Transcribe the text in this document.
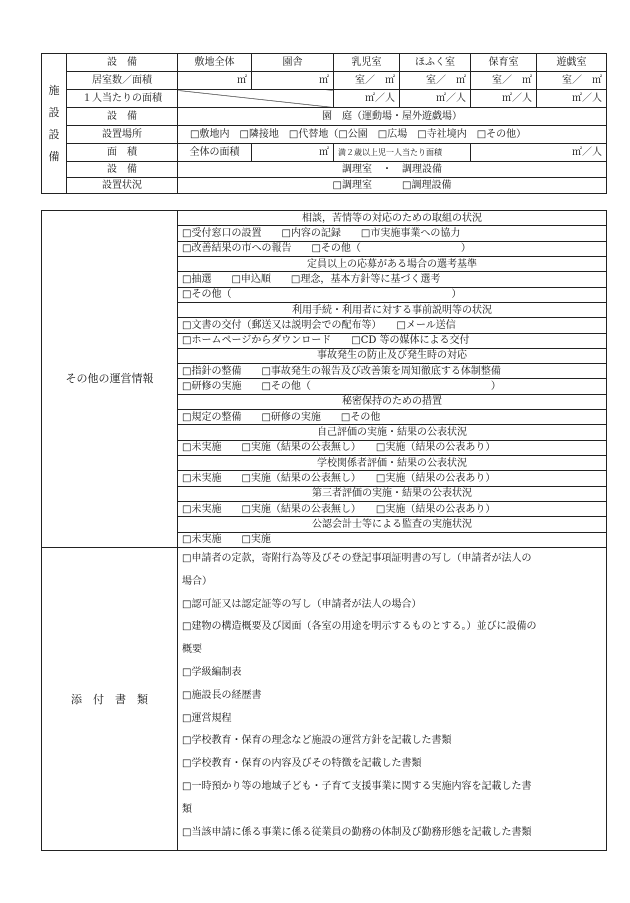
施
設
設
備	設　備	敷地全体	園舎	乳児室	ほふく室	保育室	遊戯室
	居室数／面積	㎡	㎡	室／　㎡	室／　㎡	室／　㎡	室／　㎡
	１人当たりの面積			㎡／人	㎡／人	㎡／人	㎡／人
	設　備	園　庭（運動場・屋外遊戯場）					
	設置場所	□敷地内　□隣接地　□代替地（□公園　□広場　□寺社境内　□その他）					
	面　積	全体の面積	㎡	満２歳以上児一人当たり面積		㎡／人	
	設　備	調理室　・　調理設備					
	設置状況	□調理室　　　□調理設備					
その他の運営情報	相談，苦情等の対応のための取組の状況
□受付窓口の設置　　□内容の記録　　□市実施事業への協力
□改善結果の市への報告　　□その他（　　　　　　　　　　）
定員以上の応募がある場合の選考基準
□抽選　　□申込順　　□理念，基本方針等に基づく選考
□その他（　　　　　　　　　　　　　　　　　　　　　　）
利用手続・利用者に対する事前説明等の状況
□文書の交付（郵送又は説明会での配布等）　　□メール送信
□ホームページからダウンロード　　□CD 等の媒体による交付
事故発生の防止及び発生時の対応
□指針の整備　　□事故発生の報告及び改善策を周知徹底する体制整備
□研修の実施　　□その他（　　　　　　　　　　　　　　　　　　）
秘密保持のための措置
□規定の整備　　□研修の実施　　□その他
自己評価の実施・結果の公表状況
□未実施　　□実施（結果の公表無し）　　□実施（結果の公表あり）
学校関係者評価・結果の公表状況
□未実施　　□実施（結果の公表無し）　　□実施（結果の公表あり）
第三者評価の実施・結果の公表状況
□未実施　　□実施（結果の公表無し）　　□実施（結果の公表あり）
公認会計士等による監査の実施状況
□未実施　　□実施
添　付　書　類	
□申請者の定款，寄附行為等及びその登記事項証明書の写し（申請者が法人の
場合）
□認可証又は認定証等の写し（申請者が法人の場合）
□建物の構造概要及び図面（各室の用途を明示するものとする。）並びに設備の
概要
□学級編制表
□施設長の経歴書
□運営規程
□学校教育・保育の理念など施設の運営方針を記載した書類
□学校教育・保育の内容及びその特徴を記載した書類
□一時預かり等の地域子ども・子育て支援事業に関する実施内容を記載した書
類
□当該申請に係る事業に係る従業員の勤務の体制及び勤務形態を記載した書類
